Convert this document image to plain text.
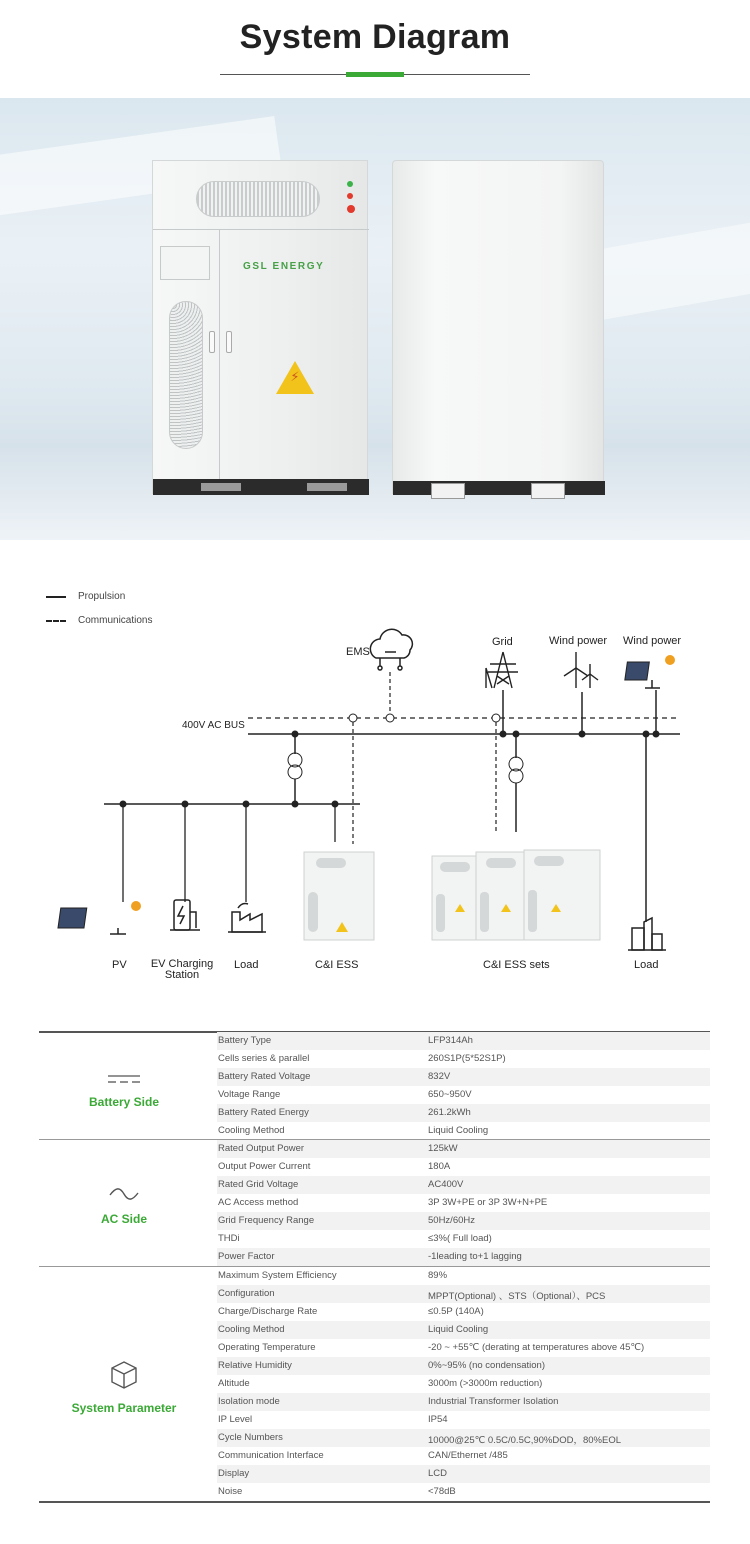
System Diagram
GSL ENERGY
⚡
Propulsion
Communications
EMS
400V AC BUS
Grid	Wind power Wind power
PV	EV Charging
Station
Load	C&I ESS	C&I ESS sets	Load
Battery Side
AC Side
System Parameter
Battery Type	LFP314Ah
Cells series & parallel	260S1P(5*52S1P)
Battery Rated Voltage	832V
Voltage Range	650~950V
Battery Rated Energy	261.2kWh
Cooling Method	Liquid Cooling
Rated Output Power	125kW
Output Power Current	180A
Rated Grid Voltage	AC400V
AC Access method	3P 3W+PE or 3P 3W+N+PE
Grid Frequency Range	50Hz/60Hz
THDi	≤3%( Full load)
Power Factor	-1leading to+1 lagging
Maximum System Efficiency	89%
Configuration	MPPT(Optional) 、STS（Optional）、PCS
Charge/Discharge Rate	≤0.5P (140A)
Cooling Method	Liquid Cooling
Operating Temperature	-20 ~ +55℃ (derating at temperatures above 45℃)
Relative Humidity	0%~95% (no condensation)
Altitude	3000m (>3000m reduction)
Isolation mode	Industrial Transformer Isolation
IP Level	IP54
Cycle Numbers	10000@25℃ 0.5C/0.5C,90%DOD，80%EOL
Communication Interface	CAN/Ethernet /485
Display	LCD
Noise	<78dB
